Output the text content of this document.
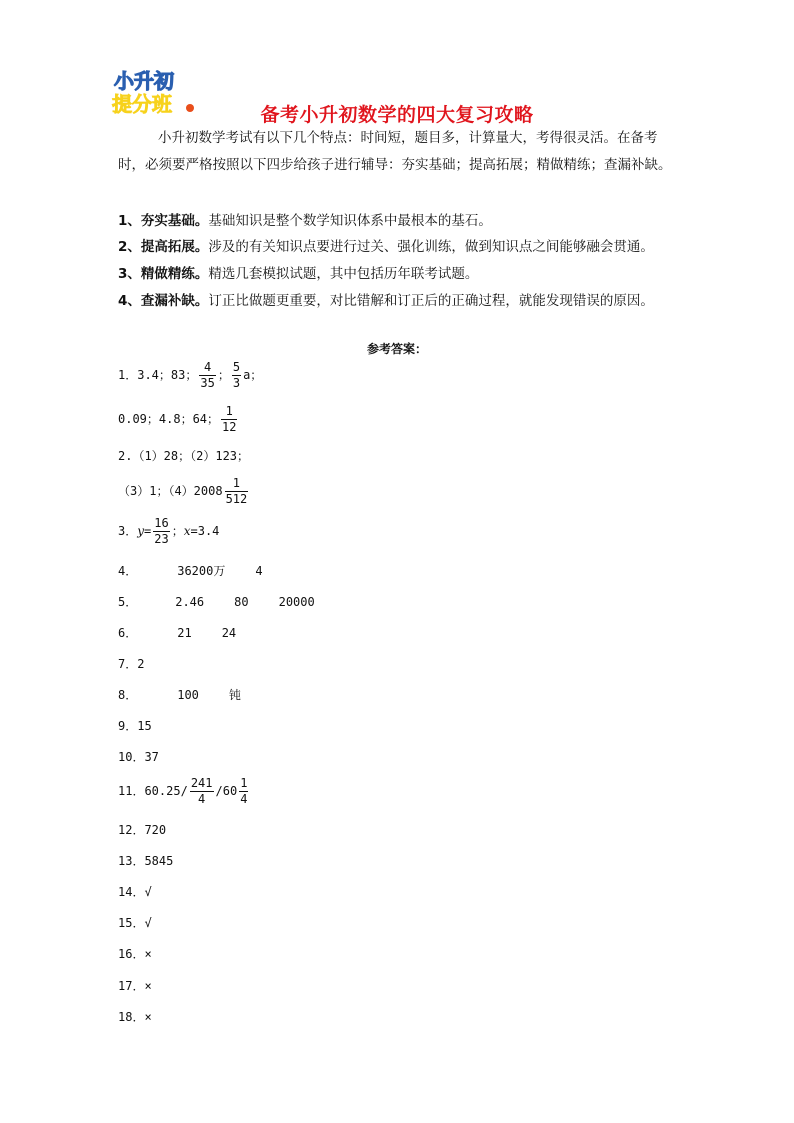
小升初
提分班	备考小升初数学的四大复习攻略
小升初数学考试有以下几个特点：时间短，题目多，计算量大，考得很灵活。在备考时，必须要严格按照以下四步给孩子进行辅导：夯实基础；提高拓展；精做精练；查漏补缺。
1、夯实基础。基础知识是整个数学知识体系中最根本的基石。
2、提高拓展。涉及的有关知识点要进行过关、强化训练，做到知识点之间能够融会贯通。
3、精做精练。精选几套模拟试题，其中包括历年联考试题。
4、查漏补缺。订正比做题更重要，对比错解和订正后的正确过程，就能发现错误的原因。
参考答案：
1．3.4；83； $\frac{4}{35}$ ； $\frac{5}{3}$ a；
0.09；4.8；64； $\frac{1}{12}$
2.（1）28；（2）123；
（3）1；$(4)2008 \frac{1}{512}$
3．$y= \frac{16}{23}$ ；x=3.4
4．	36200万	4
5．	2.46	80	20000
6．	21	24
7．2
8．	100	钝
9．15
10．37
11．$60.25/ \frac{241}{4} /60 \frac{1}{4}$
12．720
13．5845
14．√
15．√
16．×
17．×
18．×
